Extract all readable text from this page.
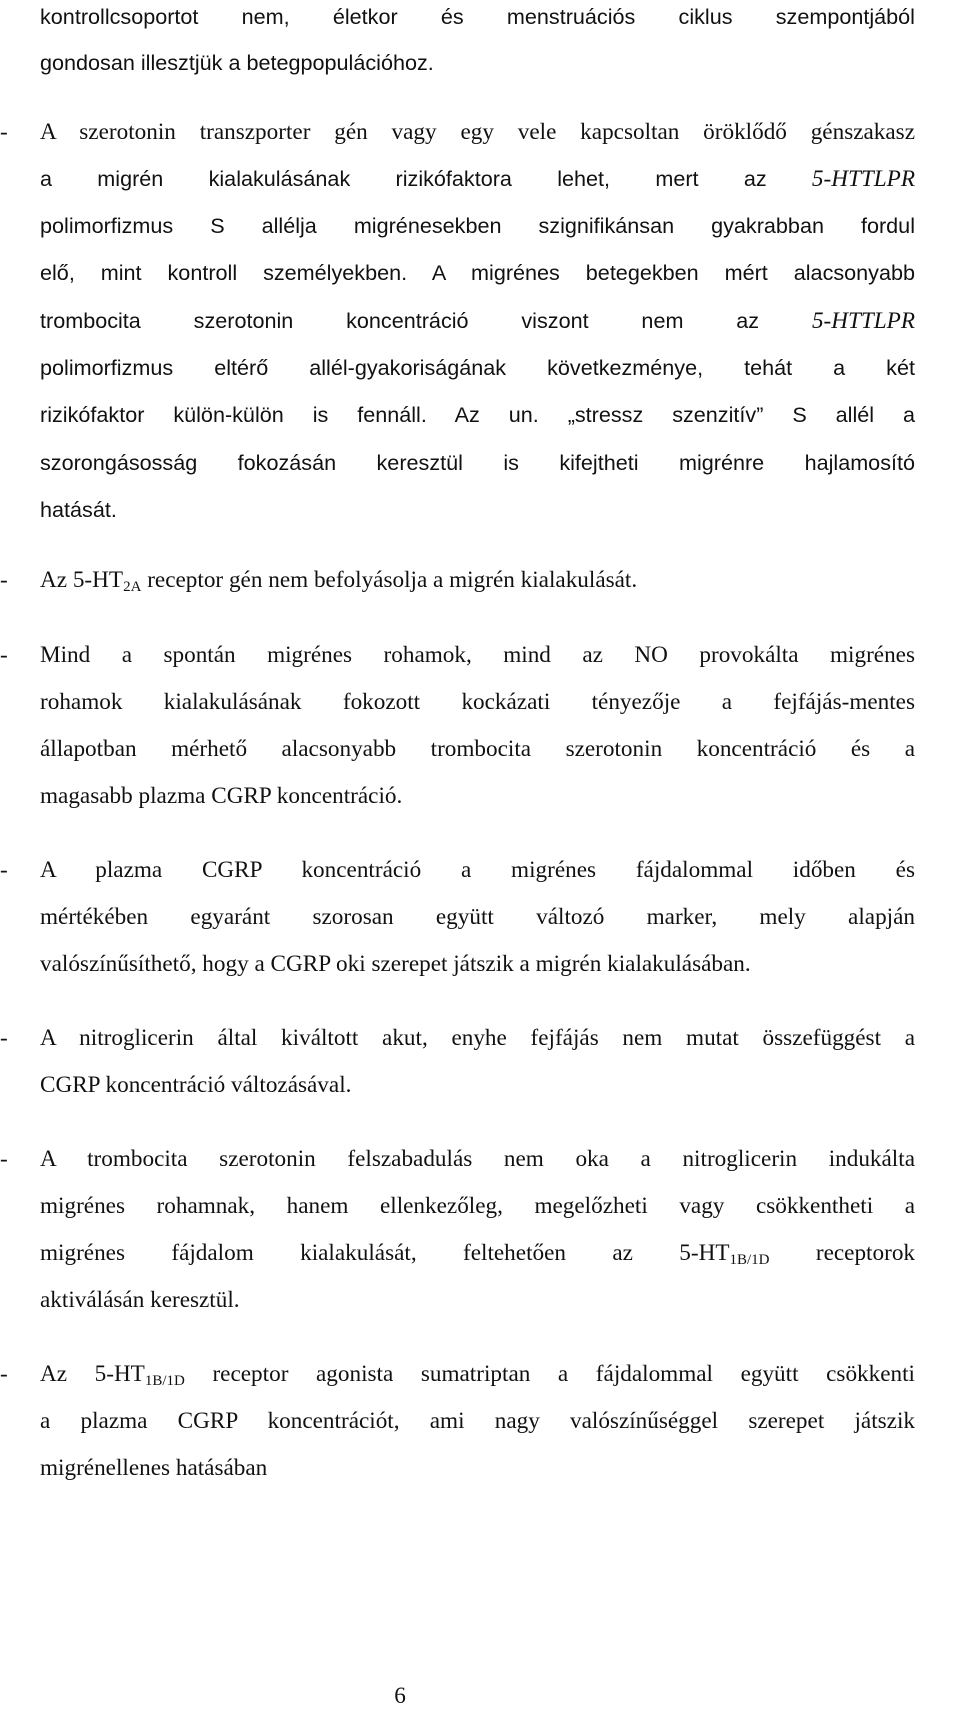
kontrollcsoportot nem, életkor és menstruációs ciklus szempontjából
gondosan illesztjük a betegpopulációhoz.
-	A szerotonin transzporter gén vagy egy vele kapcsoltan öröklődő génszakasz
a migrén kialakulásának rizikófaktora lehet, mert az 5-HTTLPR
polimorfizmus S allélja migrénesekben szignifikánsan gyakrabban fordul
elő, mint kontroll személyekben. A migrénes betegekben mért alacsonyabb
trombocita szerotonin koncentráció viszont nem az 5-HTTLPR
polimorfizmus eltérő allél-gyakoriságának következménye, tehát a két
rizikófaktor külön-külön is fennáll. Az un. „stressz szenzitív” S allél a
szorongásosság fokozásán keresztül is kifejtheti migrénre hajlamosító
hatását.
-	Az $5-HT_{2A}$ receptor gén nem befolyásolja a migrén kialakulását.
-	Mind a spontán migrénes rohamok, mind az NO provokálta migrénes
rohamok kialakulásának fokozott kockázati tényezője a fejfájás-mentes
állapotban mérhető alacsonyabb trombocita szerotonin koncentráció és a
magasabb plazma CGRP koncentráció.
-	A plazma CGRP koncentráció a migrénes fájdalommal időben és
mértékében egyaránt szorosan együtt változó marker, mely alapján
valószínűsíthető, hogy a CGRP oki szerepet játszik a migrén kialakulásában.
-	A nitroglicerin által kiváltott akut, enyhe fejfájás nem mutat összefüggést a
CGRP koncentráció változásával.
-	A trombocita szerotonin felszabadulás nem oka a nitroglicerin indukálta
migrénes rohamnak, hanem ellenkezőleg, megelőzheti vagy csökkentheti a
migrénes fájdalom kialakulását, feltehetően az $5-HT_{1B/1D}$ receptorok
aktiválásán keresztül.
-	Az $5-HT_{1B/1D}$ receptor agonista sumatriptan a fájdalommal együtt csökkenti
a plazma CGRP koncentrációt, ami nagy valószínűséggel szerepet játszik
migrénellenes hatásában
6
